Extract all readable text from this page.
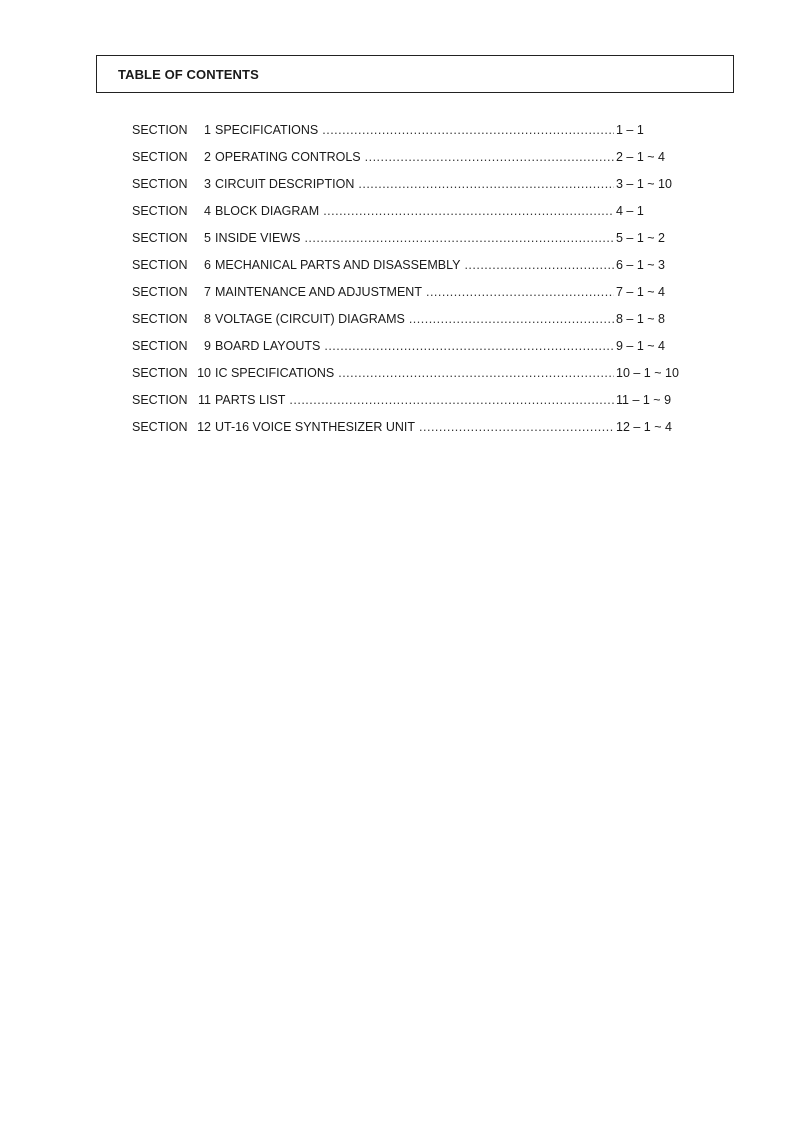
TABLE OF CONTENTS
SECTION	1 SPECIFICATIONS .....	1 – 1
SECTION	2 OPERATING CONTROLS .....	2 – 1 ~ 4
SECTION	3 CIRCUIT DESCRIPTION .....	3 – 1 ~ 10
SECTION	4 BLOCK DIAGRAM .....	4 – 1
SECTION	5 INSIDE VIEWS .....	5 – 1 ~ 2
SECTION	6 MECHANICAL PARTS AND DISASSEMBLY .....	6 – 1 ~ 3
SECTION	7 MAINTENANCE AND ADJUSTMENT .....	7 – 1 ~ 4
SECTION	8 VOLTAGE (CIRCUIT) DIAGRAMS .....	8 – 1 ~ 8
SECTION	9 BOARD LAYOUTS .....	9 – 1 ~ 4
SECTION 10 IC SPECIFICATIONS .....	10 – 1 ~ 10
SECTION 11 PARTS LIST .....	11 – 1 ~ 9
SECTION 12 UT-16 VOICE SYNTHESIZER UNIT .....	12 – 1 ~ 4
